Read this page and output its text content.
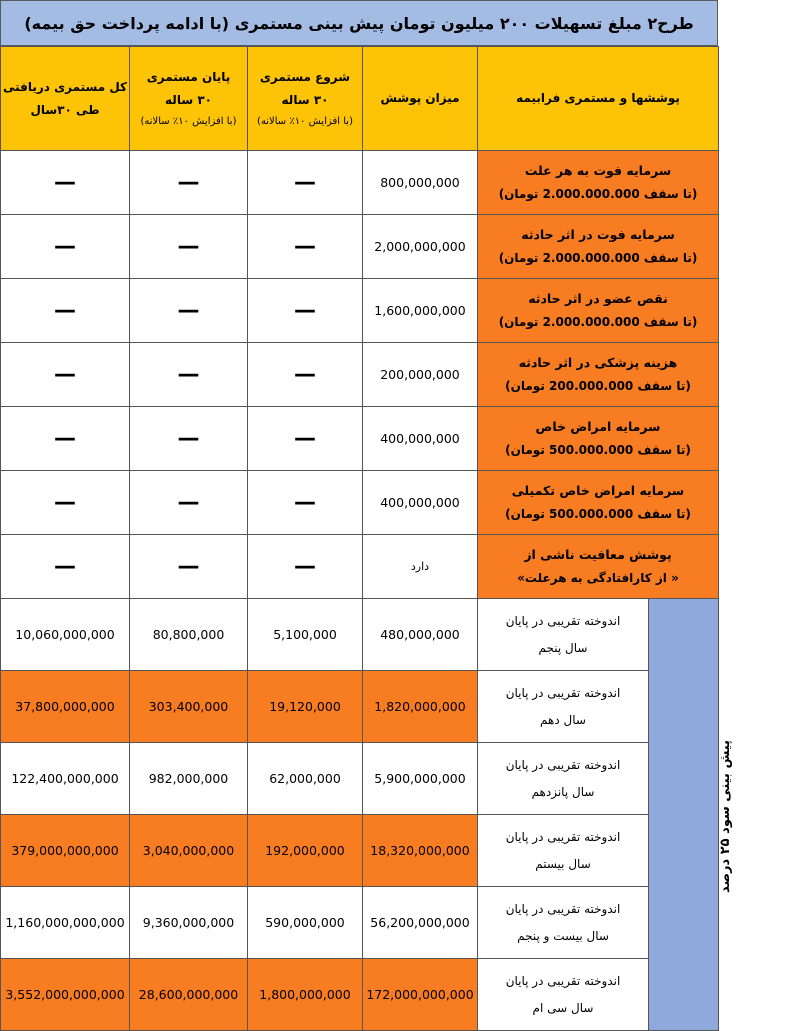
طرح۲ مبلغ تسهیلات ۲۰۰ میلیون تومان پیش بینی مستمری (با ادامه پرداخت حق بیمه)
کل مستمری دریافتی
طی ۳۰سال	پایان مستمری
۳۰ ساله
(با افزایش ۱۰٪ سالانه)	شروع مستمری
۳۰ ساله
(با افزایش ۱۰٪ سالانه)	میزان پوشش	پوششها و مستمری فرابیمه	
—	—	—	800,000,000	سرمایه فوت به هر علت
(تا سقف 2.000.000.000 تومان)	

—	—	—	2,000,000,000	سرمایه فوت در اثر حادثه
(تا سقف 2.000.000.000 تومان)	

—	—	—	1,600,000,000	نقص عضو در اثر حادثه
(تا سقف 2.000.000.000 تومان)	

—	—	—	200,000,000	هزینه پزشکی در اثر حادثه
(تا سقف 200.000.000 تومان)	

—	—	—	400,000,000	سرمایه امراض خاص
(تا سقف 500.000.000 تومان)	

—	—	—	400,000,000	سرمایه امراض خاص تکمیلی
(تا سقف 500.000.000 تومان)	

—	—	—	دارد	پوشش معافیت ناشی از
« از کارافتادگی به هرعلت»	

10,060,000,000	80,800,000	5,100,000	480,000,000	اندوخته تقریبی در پایان
سال پنجم	پیش بینی سود ۲۵ درصد
37,800,000,000	303,400,000	19,120,000	1,820,000,000	اندوخته تقریبی در پایان
سال دهم	
122,400,000,000	982,000,000	62,000,000	5,900,000,000	اندوخته تقریبی در پایان
سال پانزدهم	
379,000,000,000	3,040,000,000	192,000,000	18,320,000,000	اندوخته تقریبی در پایان
سال بیستم	
1,160,000,000,000	9,360,000,000	590,000,000	56,200,000,000	اندوخته تقریبی در پایان
سال بیست و پنجم	
3,552,000,000,000	28,600,000,000	1,800,000,000	172,000,000,000	اندوخته تقریبی در پایان
سال سی ام	
